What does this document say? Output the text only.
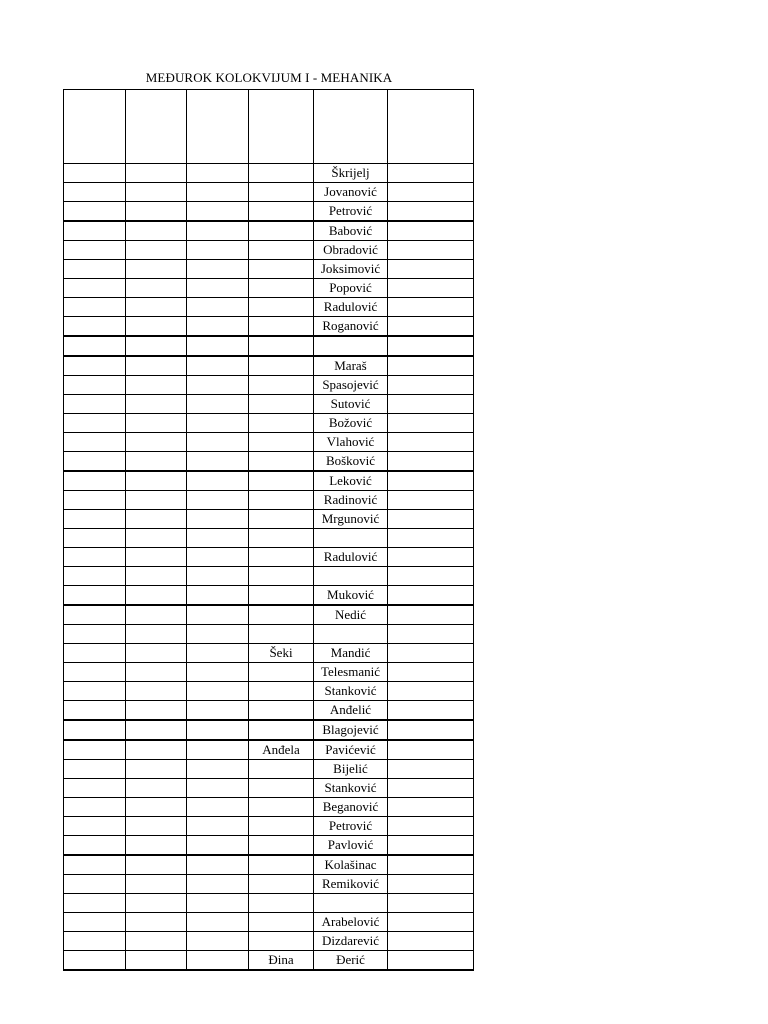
MEĐUROK KOLOKVIJUM I - MEHANIKA

				Škrijelj	
				Jovanović	
				Petrović	
				Babović	
				Obradović	
				Joksimović	
				Popović	
				Radulović	
				Roganović	

				Maraš	
				Spasojević	
				Sutović	
				Božović	
				Vlahović	
				Bošković	
				Leković	
				Radinović	
				Mrgunović	

				Radulović	

				Muković	
				Nedić	

			Šeki	Mandić	
				Telesmanić	
				Stanković	
				Anđelić	
				Blagojević	
			Anđela	Pavićević	
				Bijelić	
				Stanković	
				Beganović	
				Petrović	
				Pavlović	
				Kolašinac	
				Remiković	

				Arabelović	
				Dizdarević	
			Đina	Đerić	
